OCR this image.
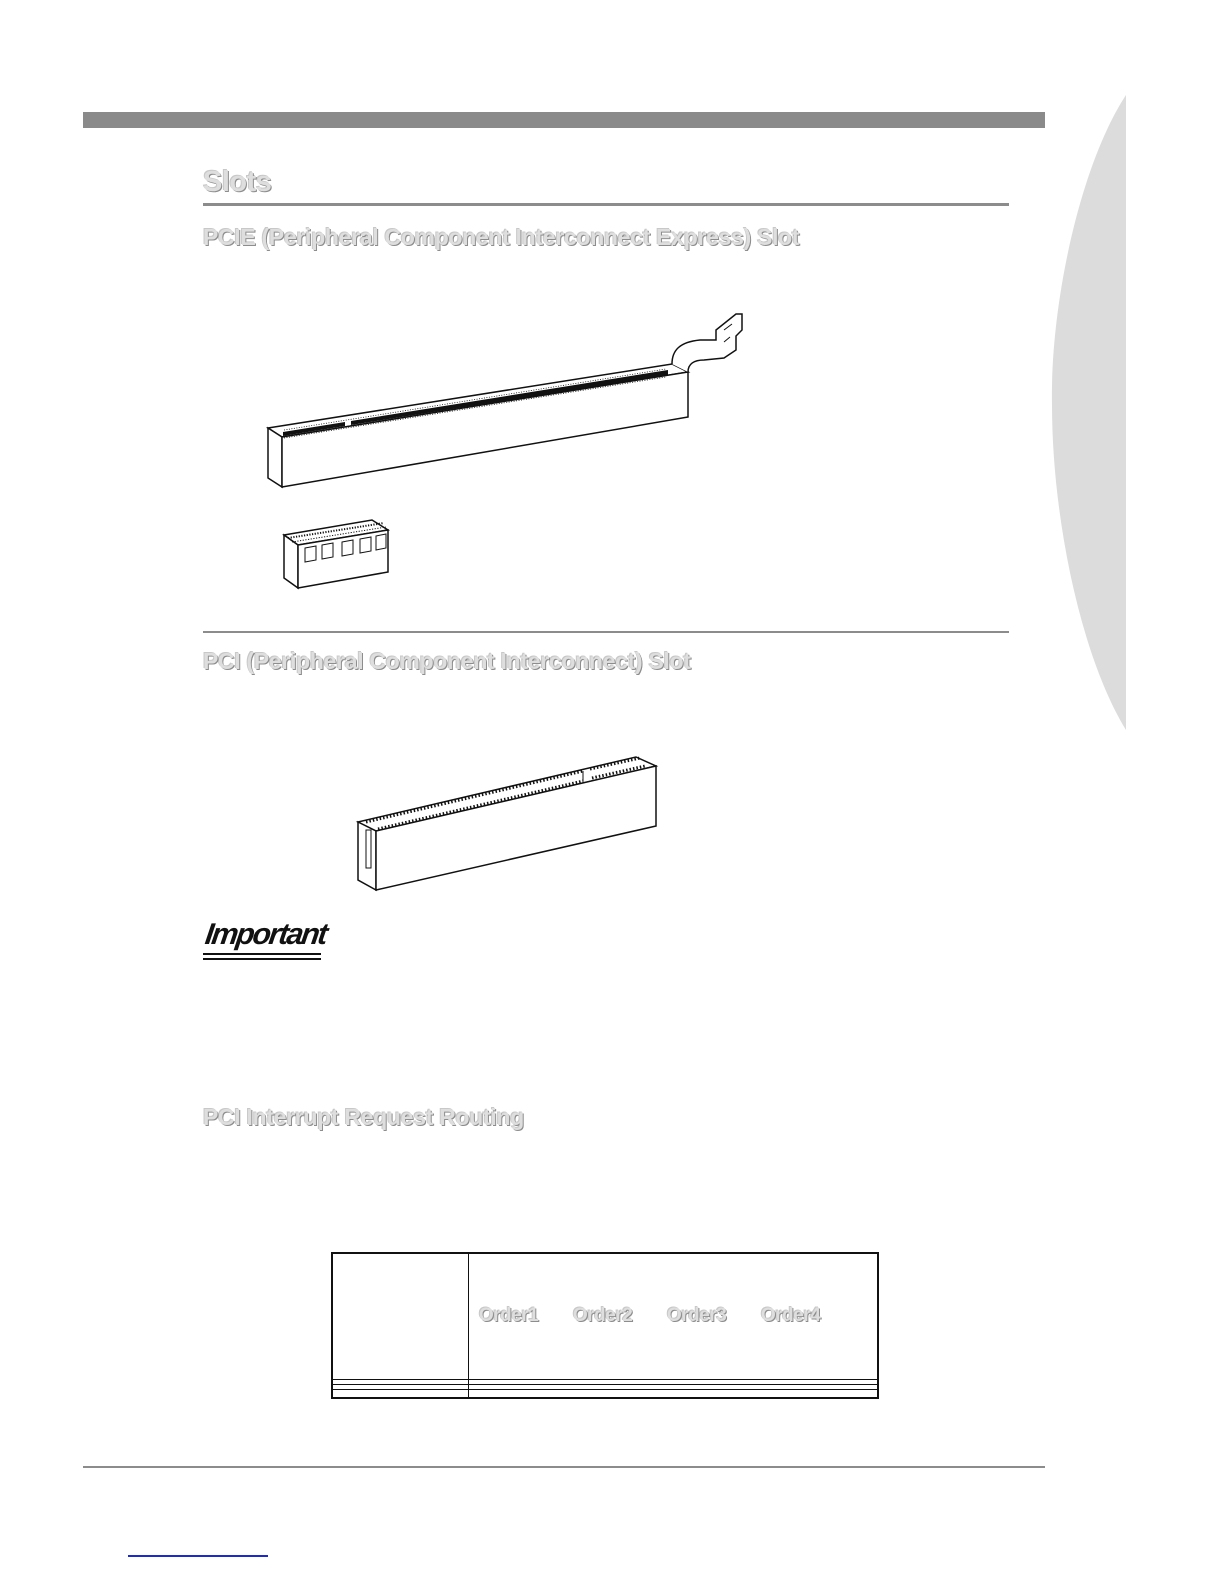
Slots
PCIE (Peripheral Component Interconnect Express) Slot
PCI (Peripheral Component Interconnect) Slot
Important
PCI Interrupt Request Routing
	Order1 Order2 Order3 Order4
